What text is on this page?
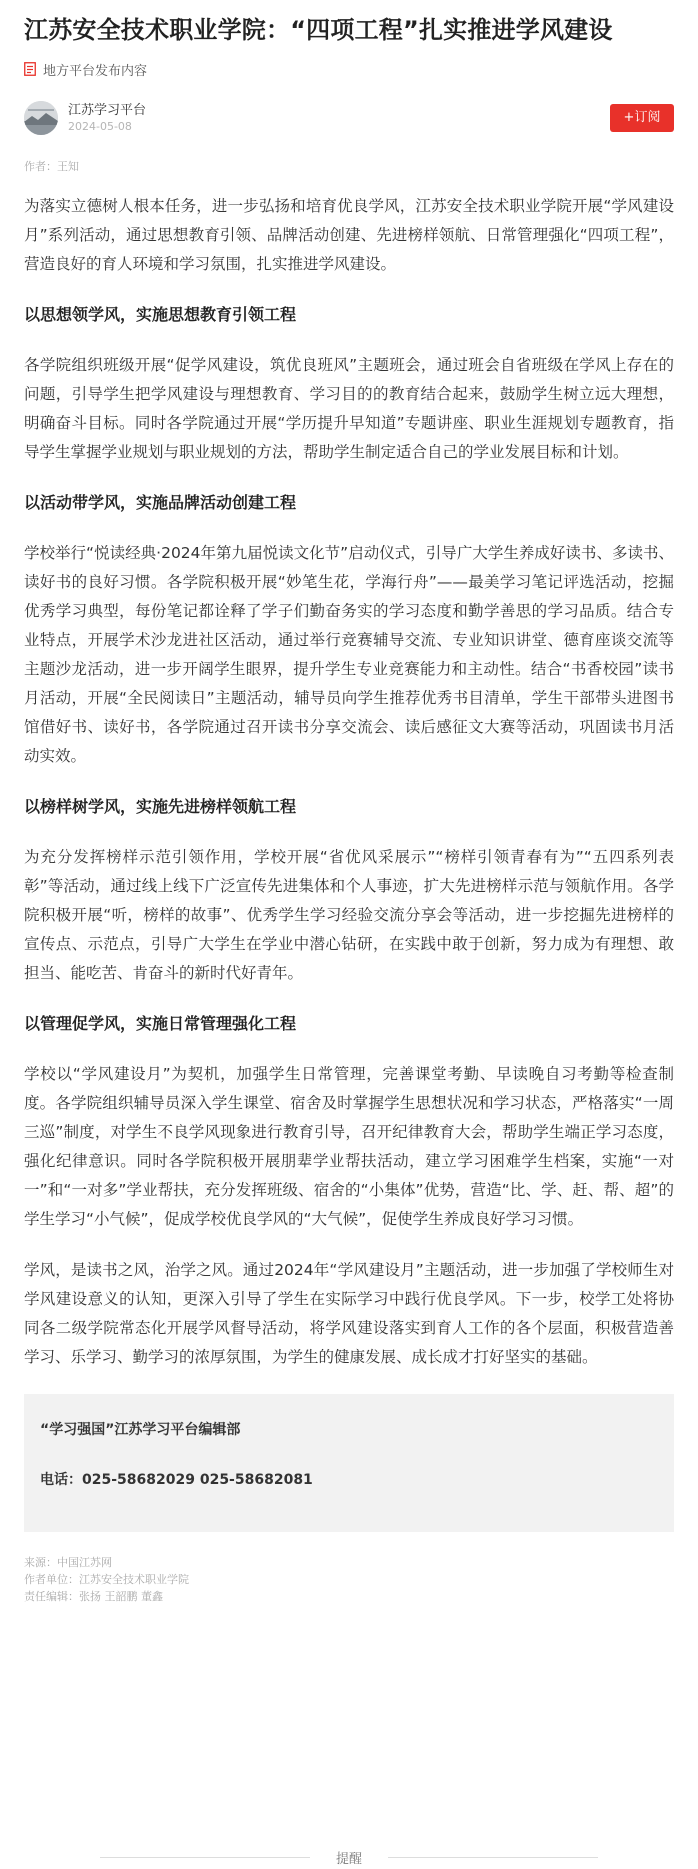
江苏安全技术职业学院：“四项工程”扎实推进学风建设
地方平台发布内容
江苏学习平台
2024-05-08
+订阅
作者：王知

为落实立德树人根本任务，进一步弘扬和培育优良学风，江苏安全技术职业学院开展“学风建设月”系列活动，通过思想教育引领、品牌活动创建、先进榜样领航、日常管理强化“四项工程”，营造良好的育人环境和学习氛围，扎实推进学风建设。

以思想领学风，实施思想教育引领工程

各学院组织班级开展“促学风建设，筑优良班风”主题班会，通过班会自省班级在学风上存在的问题，引导学生把学风建设与理想教育、学习目的的教育结合起来，鼓励学生树立远大理想，明确奋斗目标。同时各学院通过开展“学历提升早知道”专题讲座、职业生涯规划专题教育，指导学生掌握学业规划与职业规划的方法，帮助学生制定适合自己的学业发展目标和计划。

以活动带学风，实施品牌活动创建工程

学校举行“悦读经典·2024年第九届悦读文化节”启动仪式，引导广大学生养成好读书、多读书、读好书的良好习惯。各学院积极开展“妙笔生花，学海行舟”——最美学习笔记评选活动，挖掘优秀学习典型，每份笔记都诠释了学子们勤奋务实的学习态度和勤学善思的学习品质。结合专业特点，开展学术沙龙进社区活动，通过举行竞赛辅导交流、专业知识讲堂、德育座谈交流等主题沙龙活动，进一步开阔学生眼界，提升学生专业竞赛能力和主动性。结合“书香校园”读书月活动，开展“全民阅读日”主题活动，辅导员向学生推荐优秀书目清单，学生干部带头进图书馆借好书、读好书，各学院通过召开读书分享交流会、读后感征文大赛等活动，巩固读书月活动实效。

以榜样树学风，实施先进榜样领航工程

为充分发挥榜样示范引领作用，学校开展“省优风采展示”“榜样引领青春有为”“五四系列表彰”等活动，通过线上线下广泛宣传先进集体和个人事迹，扩大先进榜样示范与领航作用。各学院积极开展“听，榜样的故事”、优秀学生学习经验交流分享会等活动，进一步挖掘先进榜样的宣传点、示范点，引导广大学生在学业中潜心钻研，在实践中敢于创新，努力成为有理想、敢担当、能吃苦、肯奋斗的新时代好青年。

以管理促学风，实施日常管理强化工程

学校以“学风建设月”为契机，加强学生日常管理，完善课堂考勤、早读晚自习考勤等检查制度。各学院组织辅导员深入学生课堂、宿舍及时掌握学生思想状况和学习状态，严格落实“一周三巡”制度，对学生不良学风现象进行教育引导，召开纪律教育大会，帮助学生端正学习态度，强化纪律意识。同时各学院积极开展朋辈学业帮扶活动，建立学习困难学生档案，实施“一对一”和“一对多”学业帮扶，充分发挥班级、宿舍的“小集体”优势，营造“比、学、赶、帮、超”的学生学习“小气候”，促成学校优良学风的“大气候”，促使学生养成良好学习习惯。

学风，是读书之风，治学之风。通过2024年“学风建设月”主题活动，进一步加强了学校师生对学风建设意义的认知，更深入引导了学生在实际学习中践行优良学风。下一步，校学工处将协同各二级学院常态化开展学风督导活动，将学风建设落实到育人工作的各个层面，积极营造善学习、乐学习、勤学习的浓厚氛围，为学生的健康发展、成长成才打好坚实的基础。

“学习强国”江苏学习平台编辑部

电话：025-58682029 025-58682081

来源：中国江苏网
作者单位：江苏安全技术职业学院
责任编辑：张扬 王韶鹏 董鑫
提醒
